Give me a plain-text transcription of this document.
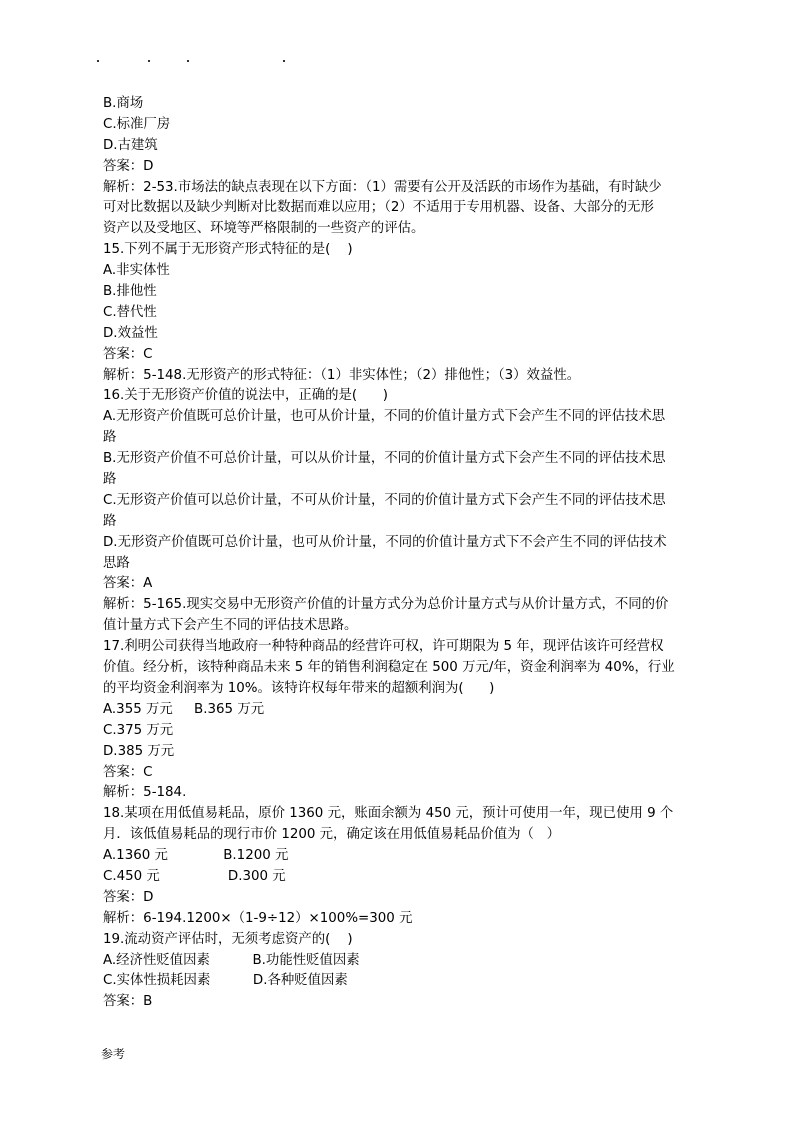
B.商场
C.标准厂房
D.古建筑
答案：D
解析：2-53.市场法的缺点表现在以下方面：（1）需要有公开及活跃的市场作为基础，有时缺少
可对比数据以及缺少判断对比数据而难以应用；（2）不适用于专用机器、设备、大部分的无形
资产以及受地区、环境等严格限制的一些资产的评估。
15.下列不属于无形资产形式特征的是(    )
A.非实体性
B.排他性
C.替代性
D.效益性
答案：C
解析：5-148.无形资产的形式特征：（1）非实体性；（2）排他性；（3）效益性。
16.关于无形资产价值的说法中，正确的是(      )
A.无形资产价值既可总价计量，也可从价计量，不同的价值计量方式下会产生不同的评估技术思
路
B.无形资产价值不可总价计量，可以从价计量，不同的价值计量方式下会产生不同的评估技术思
路
C.无形资产价值可以总价计量，不可从价计量，不同的价值计量方式下会产生不同的评估技术思
路
D.无形资产价值既可总价计量，也可从价计量，不同的价值计量方式下不会产生不同的评估技术
思路
答案：A
解析：5-165.现实交易中无形资产价值的计量方式分为总价计量方式与从价计量方式，不同的价
值计量方式下会产生不同的评估技术思路。
17.利明公司获得当地政府一种特种商品的经营许可权，许可期限为 5 年，现评估该许可经营权
价值。经分析，该特种商品未来 5 年的销售利润稳定在 500 万元/年，资金利润率为 40%，行业
的平均资金利润率为 10%。该特许权每年带来的超额利润为(      )
A.355 万元     B.365 万元
C.375 万元
D.385 万元
答案：C
解析：5-184.
18.某项在用低值易耗品，原价 1360 元，账面余额为 450 元，预计可使用一年，现已使用 9 个
月．该低值易耗品的现行市价 1200 元，确定该在用低值易耗品价值为（   ）
A.1360 元             B.1200 元
C.450 元                D.300 元
答案：D
解析：6-194.1200×（1-9÷12）×100%=300 元
19.流动资产评估时，无须考虑资产的(    )
A.经济性贬值因素          B.功能性贬值因素
C.实体性损耗因素          D.各种贬值因素
答案：B
参考
